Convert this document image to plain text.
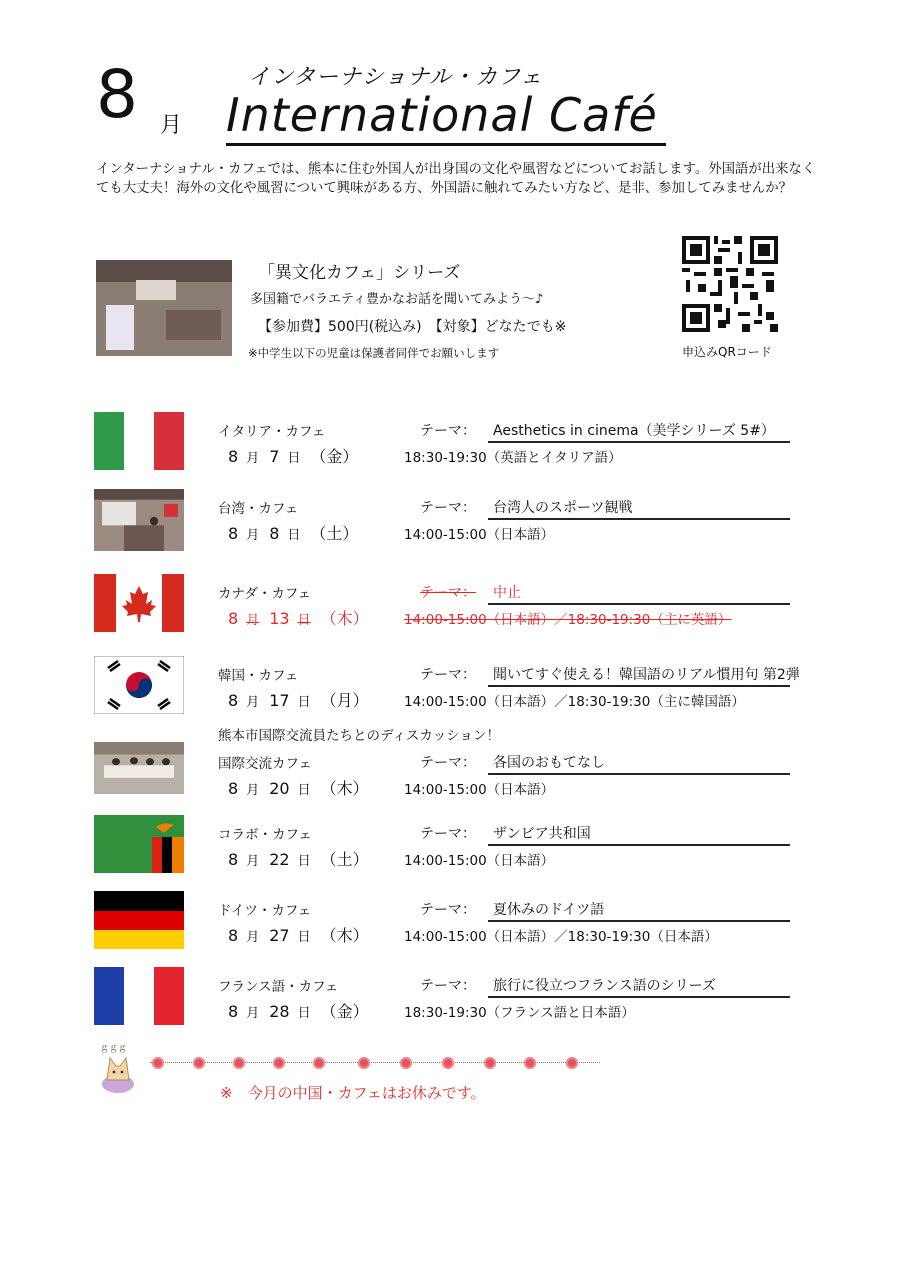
8 月
インターナショナル・カフェ
International Café
インターナショナル・カフェでは、熊本に住む外国人が出身国の文化や風習などについてお話します。外国語が出来なくても大丈夫！海外の文化や風習について興味がある方、外国語に触れてみたい方など、是非、参加してみませんか？
「異文化カフェ」シリーズ
多国籍でバラエティ豊かなお話を聞いてみよう～♪
【参加費】500円(税込み)　【対象】どなたでも※
※中学生以下の児童は保護者同伴でお願いします	申込みQRコード
イタリア・カフェ	テーマ： Aesthetics in cinema（美学シリーズ 5#）
8 月 7 日 （金）	18:30-19:30（英語とイタリア語）
台湾・カフェ	テーマ： 台湾人のスポーツ観戦
8 月 8 日 （土）	14:00-15:00（日本語）
カナダ・カフェ	テーマ： 中止
8 月 13 日 （木）	14:00-15:00（日本語）／18:30-19:30（主に英語）
韓国・カフェ	テーマ： 聞いてすぐ使える！韓国語のリアル慣用句 第2弾
8 月 17 日 （月）	14:00-15:00（日本語）／18:30-19:30（主に韓国語）
熊本市国際交流員たちとのディスカッション！
国際交流カフェ	テーマ： 各国のおもてなし
8 月 20 日 （木）	14:00-15:00（日本語）
コラボ・カフェ	テーマ： ザンビア共和国
8 月 22 日 （土）	14:00-15:00（日本語）
ドイツ・カフェ	テーマ： 夏休みのドイツ語
8 月 27 日 （木）	14:00-15:00（日本語）／18:30-19:30（日本語）
フランス語・カフェ	テーマ： 旅行に役立つフランス語のシリーズ
8 月 28 日 （金）	18:30-19:30（フランス語と日本語）
ｇｇｇ
※　今月の中国・カフェはお休みです。
